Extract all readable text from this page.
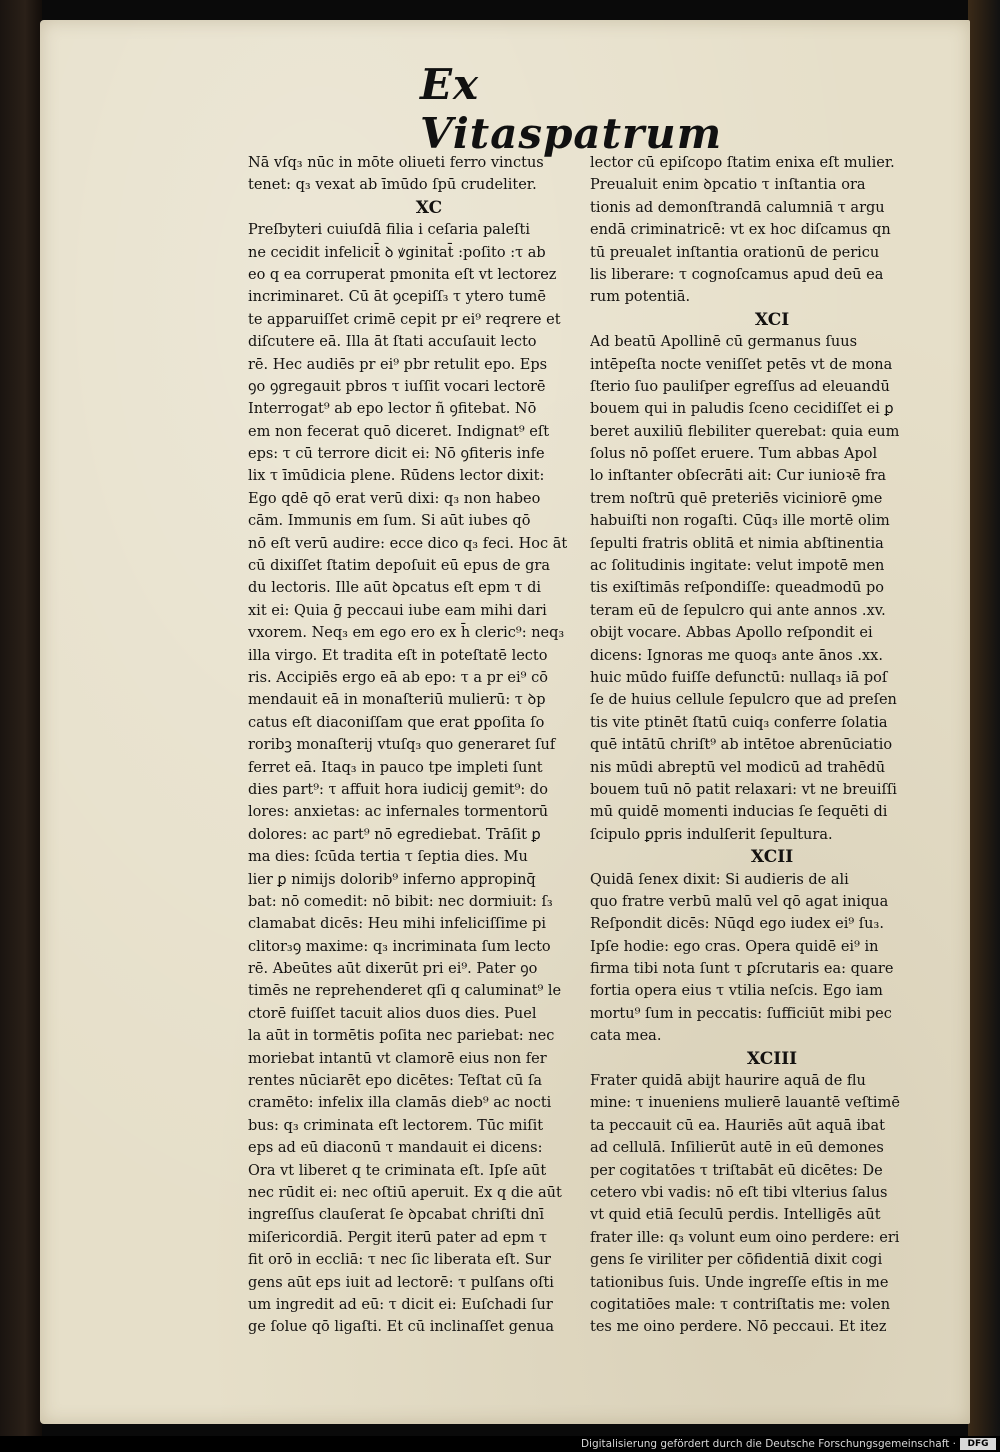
Ex Vitaspatrum
Nā vſq₃ nūc in mōte oliueti ferro vinctus
tenet: q₃ vexat ab īmūdo ſpū crudeliter.
XC
Preſbyteri cuiuſdā filia i ceſaria paleſti
ne cecidit infelicit̄ ꝺ ꝟginitat̄ :poſito :τ ab
eo q ea corruperat pmonita eſt vt lectorez
incriminaret. Cū āt ꝯcepiſſ₃ τ ytero tumē
te apparuiſſet crimē cepit pr ei⁹ reqrere et
diſcutere eā. Illa āt ſtati accuſauit lecto
rē. Hec audiēs pr ei⁹ pbr retulit epo. Eps
ꝯo ꝯgregauit pbros τ iuſſit vocari lectorē
Interrogat⁹ ab epo lector ñ ꝯfitebat. Nō
em non fecerat quō diceret. Indignat⁹ eſt
eps: τ cū terrore dicit ei: Nō ꝯfiteris infe
lix τ īmūdicia plene. Rūdens lector dixit:
Ego qdē qō erat verū dixi: q₃ non habeo
cām. Immunis em ſum. Si aūt iubes qō
nō eſt verū audire: ecce dico q₃ feci. Hoc āt
cū dixiſſet ſtatim depoſuit eū epus de gra
du lectoris. Ille aūt ꝺpcatus eſt epm τ di
xit ei: Quia ḡ peccaui iube eam mihi dari
vxorem. Neq₃ em ego ero ex h̄ cleric⁹: neq₃
illa virgo. Et tradita eſt in poteſtatē lecto
ris. Accipiēs ergo eā ab epo: τ a pr ei⁹ cō
mendauit eā in monaſteriū mulierū: τ ꝺp
catus eſt diaconiſſam que erat ꝑpoſita ſo
roribꝫ monaſterij vtuſq₃ quo generaret ſuf
ferret eā. Itaq₃ in pauco tpe impleti ſunt
dies part⁹: τ affuit hora iudicij gemit⁹: do
lores: anxietas: ac infernales tormentorū
dolores: ac part⁹ nō egrediebat. Trāſit ꝑ
ma dies: ſcūda tertia τ ſeptia dies. Mu
lier ꝑ nimijs dolorib⁹ inferno appropinq̄
bat: nō comedit: nō bibit: nec dormiuit: ſ₃
clamabat dicēs: Heu mihi infeliciſſime pi
clitor₃ꝯ maxime: q₃ incriminata ſum lecto
rē. Abeūtes aūt dixerūt pri ei⁹. Pater ꝯo
timēs ne reprehenderet qſi q caluminat⁹ le
ctorē fuiſſet tacuit alios duos dies. Puel
la aūt in tormētis poſita nec pariebat: nec
moriebat intantū vt clamorē eius non fer
rentes nūciarēt epo dicētes: Teſtat cū ſa
cramēto: infelix illa clamās dieb⁹ ac nocti
bus: q₃ criminata eſt lectorem. Tūc miſit
eps ad eū diaconū τ mandauit ei dicens:
Ora vt liberet q te criminata eſt. Ipſe aūt
nec rūdit ei: nec oſtiū aperuit. Ex q die aūt
ingreſſus clauſerat ſe ꝺpcabat chriſti dnī
miſericordiā. Pergit iterū pater ad epm τ
fit orō in eccliā: τ nec ſic liberata eſt. Sur
gens aūt eps iuit ad lectorē: τ pulſans oſti
um ingredit ad eū: τ dicit ei: Euſchadi ſur
ge ſolue qō ligaſti. Et cū inclinaſſet genua
lector cū epiſcopo ſtatim enixa eſt mulier.
Preualuit enim ꝺpcatio τ inſtantia ora
tionis ad demonſtrandā calumniā τ argu
endā criminatricē: vt ex hoc diſcamus qn
tū preualet inſtantia orationū de pericu
lis liberare: τ cognoſcamus apud deū ea
rum potentiā.
XCI
Ad beatū Apollinē cū germanus ſuus
intēpeſta nocte veniſſet petēs vt de mona
ſterio ſuo pauliſper egreſſus ad eleuandū
bouem qui in paludis ſceno cecidiſſet ei ꝑ
beret auxiliū flebiliter querebat: quia eum
ſolus nō poſſet eruere. Tum abbas Apol
lo inſtanter obſecrāti ait: Cur iunioꝛē fra
trem noſtrū quē preteriēs viciniorē ꝯme
habuiſti non rogaſti. Cūq₃ ille mortē olim
ſepulti fratris oblitā et nimia abſtinentia
ac ſolitudinis ingitate: velut impotē men
tis exiſtimās reſpondiſſe: queadmodū po
teram eū de ſepulcro qui ante annos .xv.
obijt vocare. Abbas Apollo reſpondit ei
dicens: Ignoras me quoq₃ ante ānos .xx.
huic mūdo fuiſſe defunctū: nullaq₃ iā poſ
ſe de huius cellule ſepulcro que ad preſen
tis vite ptinēt ſtatū cuiq₃ conferre ſolatia
quē intātū chriſt⁹ ab intētoe abrenūciatio
nis mūdi abreptū vel modicū ad trahēdū
bouem tuū nō patit relaxari: vt ne breuiſſi
mū quidē momenti inducias ſe ſequēti di
ſcipulo ꝑpris indulſerit ſepultura.
XCII
Quidā ſenex dixit: Si audieris de ali
quo fratre verbū malū vel qō agat iniqua
Reſpondit dicēs: Nūqd ego iudex ei⁹ ſu₃.
Ipſe hodie: ego cras. Opera quidē ei⁹ in
firma tibi nota ſunt τ ꝑſcrutaris ea: quare
fortia opera eius τ vtilia neſcis. Ego iam
mortu⁹ ſum in peccatis: ſufficiūt mibi pec
cata mea.
XCIII
Frater quidā abijt haurire aquā de flu
mine: τ inueniens mulierē lauantē veſtimē
ta peccauit cū ea. Hauriēs aūt aquā ibat
ad cellulā. Inſilierūt autē in eū demones
per cogitatōes τ triſtabāt eū dicētes: De
cetero vbi vadis: nō eſt tibi vlterius ſalus
vt quid etiā ſeculū perdis. Intelligēs aūt
frater ille: q₃ volunt eum oino perdere: eri
gens ſe viriliter per cōfidentiā dixit cogi
tationibus ſuis. Unde ingreſſe eſtis in me
cogitatiōes male: τ contriſtatis me: volen
tes me oino perdere. Nō peccaui. Et itez
Digitalisierung gefördert durch die Deutsche Forschungsgemeinschaft ·	DFG
